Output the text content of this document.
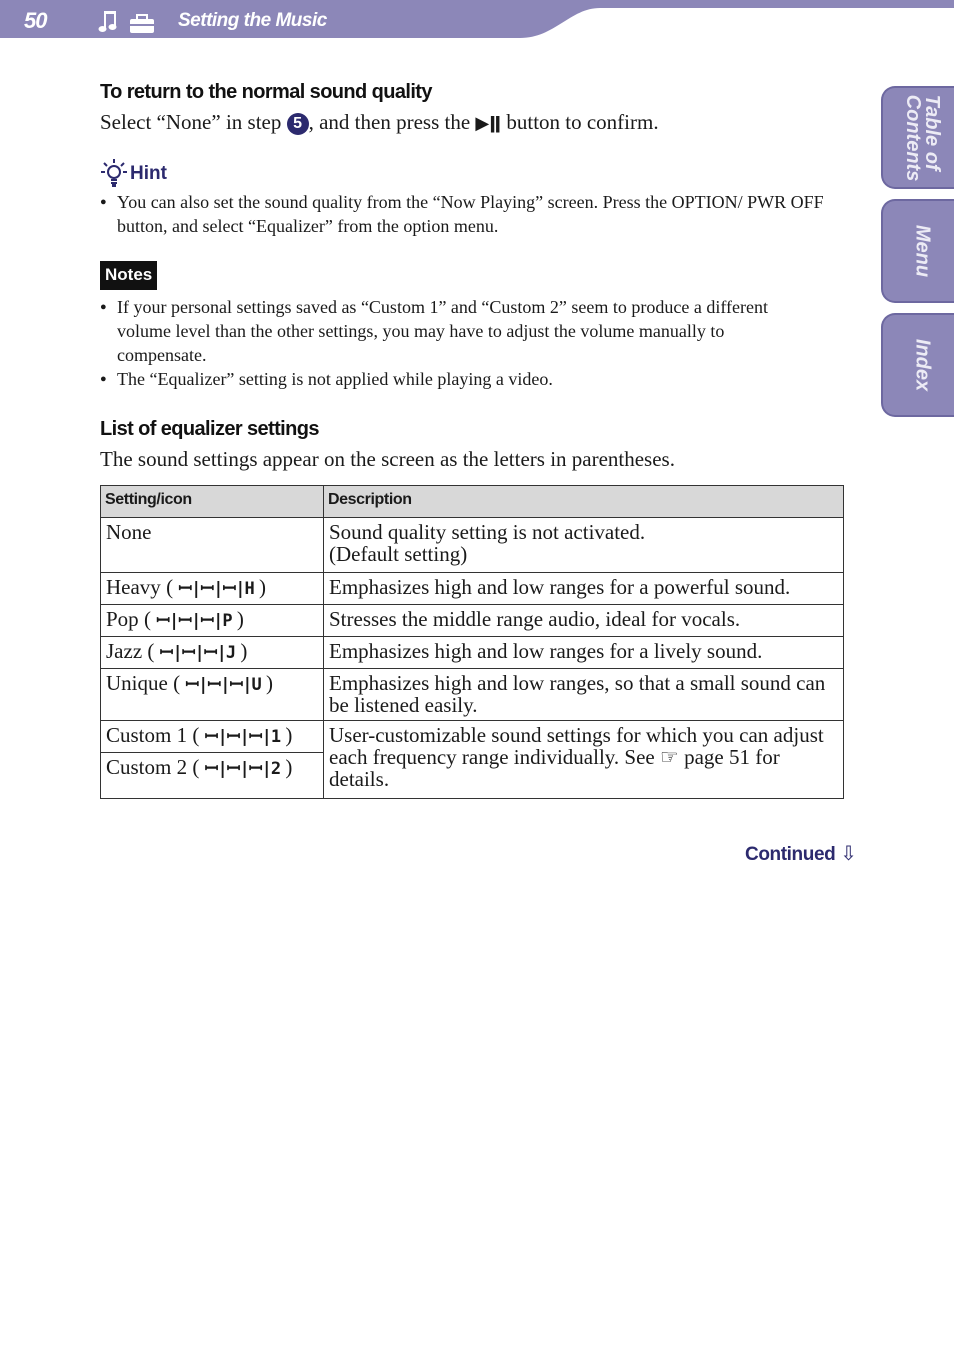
50	Setting the Music
Table of
Contents
Menu
Index
To return to the normal sound quality
Select “None” in step 5 , and then press the ▶ǁ button to confirm.
Hint
● You can also set the sound quality from the “Now Playing” screen. Press the OPTION/ PWR OFF button, and select “Equalizer” from the option menu.
Notes
● If your personal settings saved as “Custom 1” and “Custom 2” seem to produce a different volume level than the other settings, you may have to adjust the volume manually to compensate.
● The “Equalizer” setting is not applied while playing a video.
List of equalizer settings
The sound settings appear on the screen as the letters in parentheses.
Setting/icon	Description
None	Sound quality setting is not activated.
(Default setting)
Heavy ( ꟷ|ꟷ|ꟷ|H )	Emphasizes high and low ranges for a powerful sound.
Pop ( ꟷ|ꟷ|ꟷ|P )	Stresses the middle range audio, ideal for vocals.
Jazz ( ꟷ|ꟷ|ꟷ|J )	Emphasizes high and low ranges for a lively sound.
Unique ( ꟷ|ꟷ|ꟷ|U )	Emphasizes high and low ranges, so that a small sound can be listened easily.
Custom 1 ( ꟷ|ꟷ|ꟷ|1 )	User-customizable sound settings for which you can adjust each frequency range individually. See ☞ page 51 for details.
Custom 2 ( ꟷ|ꟷ|ꟷ|2 )	
Continued ⇩
